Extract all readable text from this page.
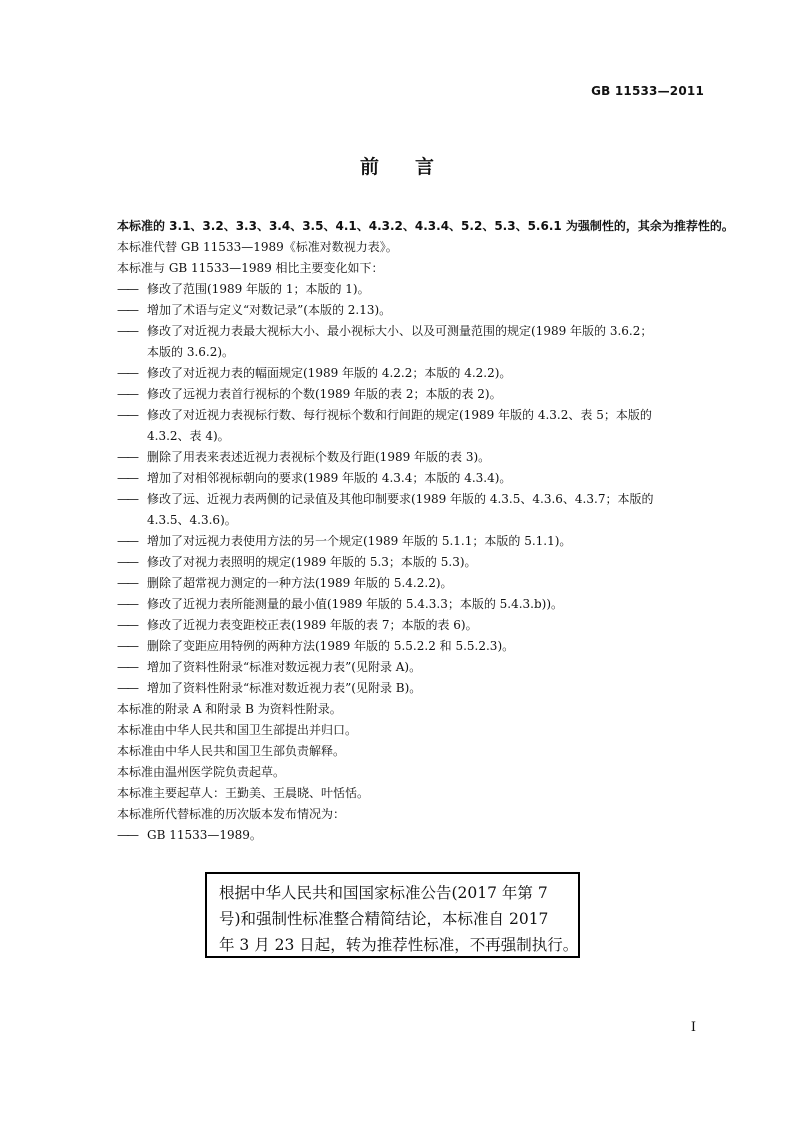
GB 11533—2011
前言
本标准的 3.1、3.2、3.3、3.4、3.5、4.1、4.3.2、4.3.4、5.2、5.3、5.6.1 为强制性的，其余为推荐性的。
本标准代替 GB 11533—1989《标准对数视力表》。
本标准与 GB 11533—1989 相比主要变化如下：
—— 修改了范围(1989 年版的 1；本版的 1)。
—— 增加了术语与定义“对数记录”(本版的 2.13)。
—— 修改了对近视力表最大视标大小、最小视标大小、以及可测量范围的规定(1989 年版的 3.6.2；
本版的 3.6.2)。
—— 修改了对近视力表的幅面规定(1989 年版的 4.2.2；本版的 4.2.2)。
—— 修改了远视力表首行视标的个数(1989 年版的表 2；本版的表 2)。
—— 修改了对近视力表视标行数、每行视标个数和行间距的规定(1989 年版的 4.3.2、表 5；本版的
4.3.2、表 4)。
—— 删除了用表来表述近视力表视标个数及行距(1989 年版的表 3)。
—— 增加了对相邻视标朝向的要求(1989 年版的 4.3.4；本版的 4.3.4)。
—— 修改了远、近视力表两侧的记录值及其他印制要求(1989 年版的 4.3.5、4.3.6、4.3.7；本版的
4.3.5、4.3.6)。
—— 增加了对远视力表使用方法的另一个规定(1989 年版的 5.1.1；本版的 5.1.1)。
—— 修改了对视力表照明的规定(1989 年版的 5.3；本版的 5.3)。
—— 删除了超常视力测定的一种方法(1989 年版的 5.4.2.2)。
—— 修改了近视力表所能测量的最小值(1989 年版的 5.4.3.3；本版的 5.4.3.b))。
—— 修改了近视力表变距校正表(1989 年版的表 7；本版的表 6)。
—— 删除了变距应用特例的两种方法(1989 年版的 5.5.2.2 和 5.5.2.3)。
—— 增加了资料性附录“标准对数远视力表”(见附录 A)。
—— 增加了资料性附录“标准对数近视力表”(见附录 B)。
本标准的附录 A 和附录 B 为资料性附录。
本标准由中华人民共和国卫生部提出并归口。
本标准由中华人民共和国卫生部负责解释。
本标准由温州医学院负责起草。
本标准主要起草人：王勤美、王晨晓、叶恬恬。
本标准所代替标准的历次版本发布情况为：
—— GB 11533—1989。
根据中华人民共和国国家标准公告(2017 年第 7
号)和强制性标准整合精简结论，本标准自 2017
年 3 月 23 日起，转为推荐性标准，不再强制执行。
I
